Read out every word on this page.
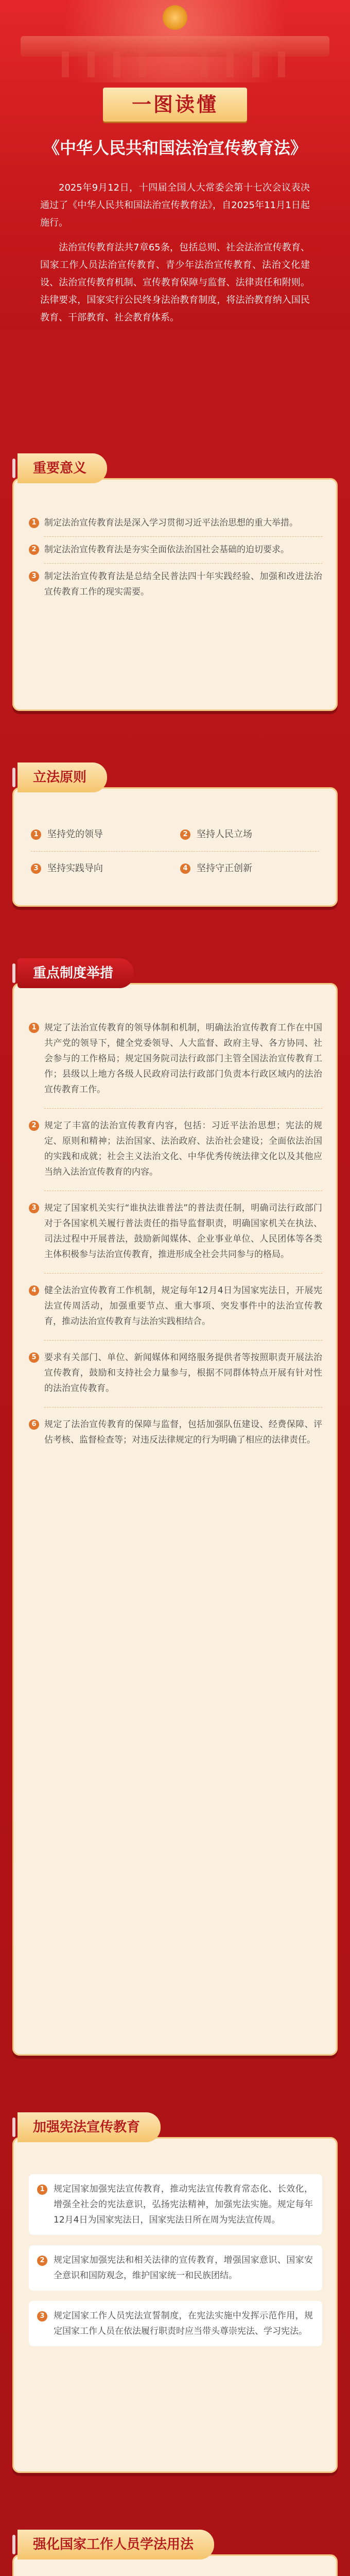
一图读懂
《中华人民共和国法治宣传教育法》

2025年9月12日，十四届全国人大常委会第十七次会议表决通过了《中华人民共和国法治宣传教育法》，自2025年11月1日起施行。

法治宣传教育法共7章65条，包括总则、社会法治宣传教育、国家工作人员法治宣传教育、青少年法治宣传教育、法治文化建设、法治宣传教育机制、宣传教育保障与监督、法律责任和附则。法律要求，国家实行公民终身法治教育制度，将法治教育纳入国民教育、干部教育、社会教育体系。

重要意义
1 制定法治宣传教育法是深入学习贯彻习近平法治思想的重大举措。
2 制定法治宣传教育法是夯实全面依法治国社会基础的迫切要求。
3 制定法治宣传教育法是总结全民普法四十年实践经验、加强和改进法治宣传教育工作的现实需要。
立法原则
1 坚持党的领导	2 坚持人民立场
3 坚持实践导向	4 坚持守正创新
重点制度举措
1 规定了法治宣传教育的领导体制和机制，明确法治宣传教育工作在中国共产党的领导下，健全党委领导、人大监督、政府主导、各方协同、社会参与的工作格局；规定国务院司法行政部门主管全国法治宣传教育工作；县级以上地方各级人民政府司法行政部门负责本行政区域内的法治宣传教育工作。
2 规定了丰富的法治宣传教育内容，包括：习近平法治思想；宪法的规定、原则和精神；法治国家、法治政府、法治社会建设；全面依法治国的实践和成就；社会主义法治文化、中华优秀传统法律文化以及其他应当纳入法治宣传教育的内容。
3 规定了国家机关实行“谁执法谁普法”的普法责任制，明确司法行政部门对于各国家机关履行普法责任的指导监督职责，明确国家机关在执法、司法过程中开展普法，鼓励新闻媒体、企业事业单位、人民团体等各类主体积极参与法治宣传教育，推进形成全社会共同参与的格局。
4 健全法治宣传教育工作机制，规定每年12月4日为国家宪法日，开展宪法宣传周活动，加强重要节点、重大事项、突发事件中的法治宣传教育，推动法治宣传教育与法治实践相结合。
5 要求有关部门、单位、新闻媒体和网络服务提供者等按照职责开展法治宣传教育，鼓励和支持社会力量参与，根据不同群体特点开展有针对性的法治宣传教育。
6 规定了法治宣传教育的保障与监督，包括加强队伍建设、经费保障、评估考核、监督检查等；对违反法律规定的行为明确了相应的法律责任。
加强宪法宣传教育
1	规定国家加强宪法宣传教育，推动宪法宣传教育常态化、长效化，增强全社会的宪法意识，弘扬宪法精神，加强宪法实施。规定每年12月4日为国家宪法日，国家宪法日所在周为宪法宣传周。
2	规定国家加强宪法和相关法律的宣传教育，增强国家意识、国家安全意识和国防观念，维护国家统一和民族团结。
3	规定国家工作人员宪法宣誓制度，在宪法实施中发挥示范作用，规定国家工作人员在依法履行职责时应当带头尊崇宪法、学习宪法。
强化国家工作人员学法用法
